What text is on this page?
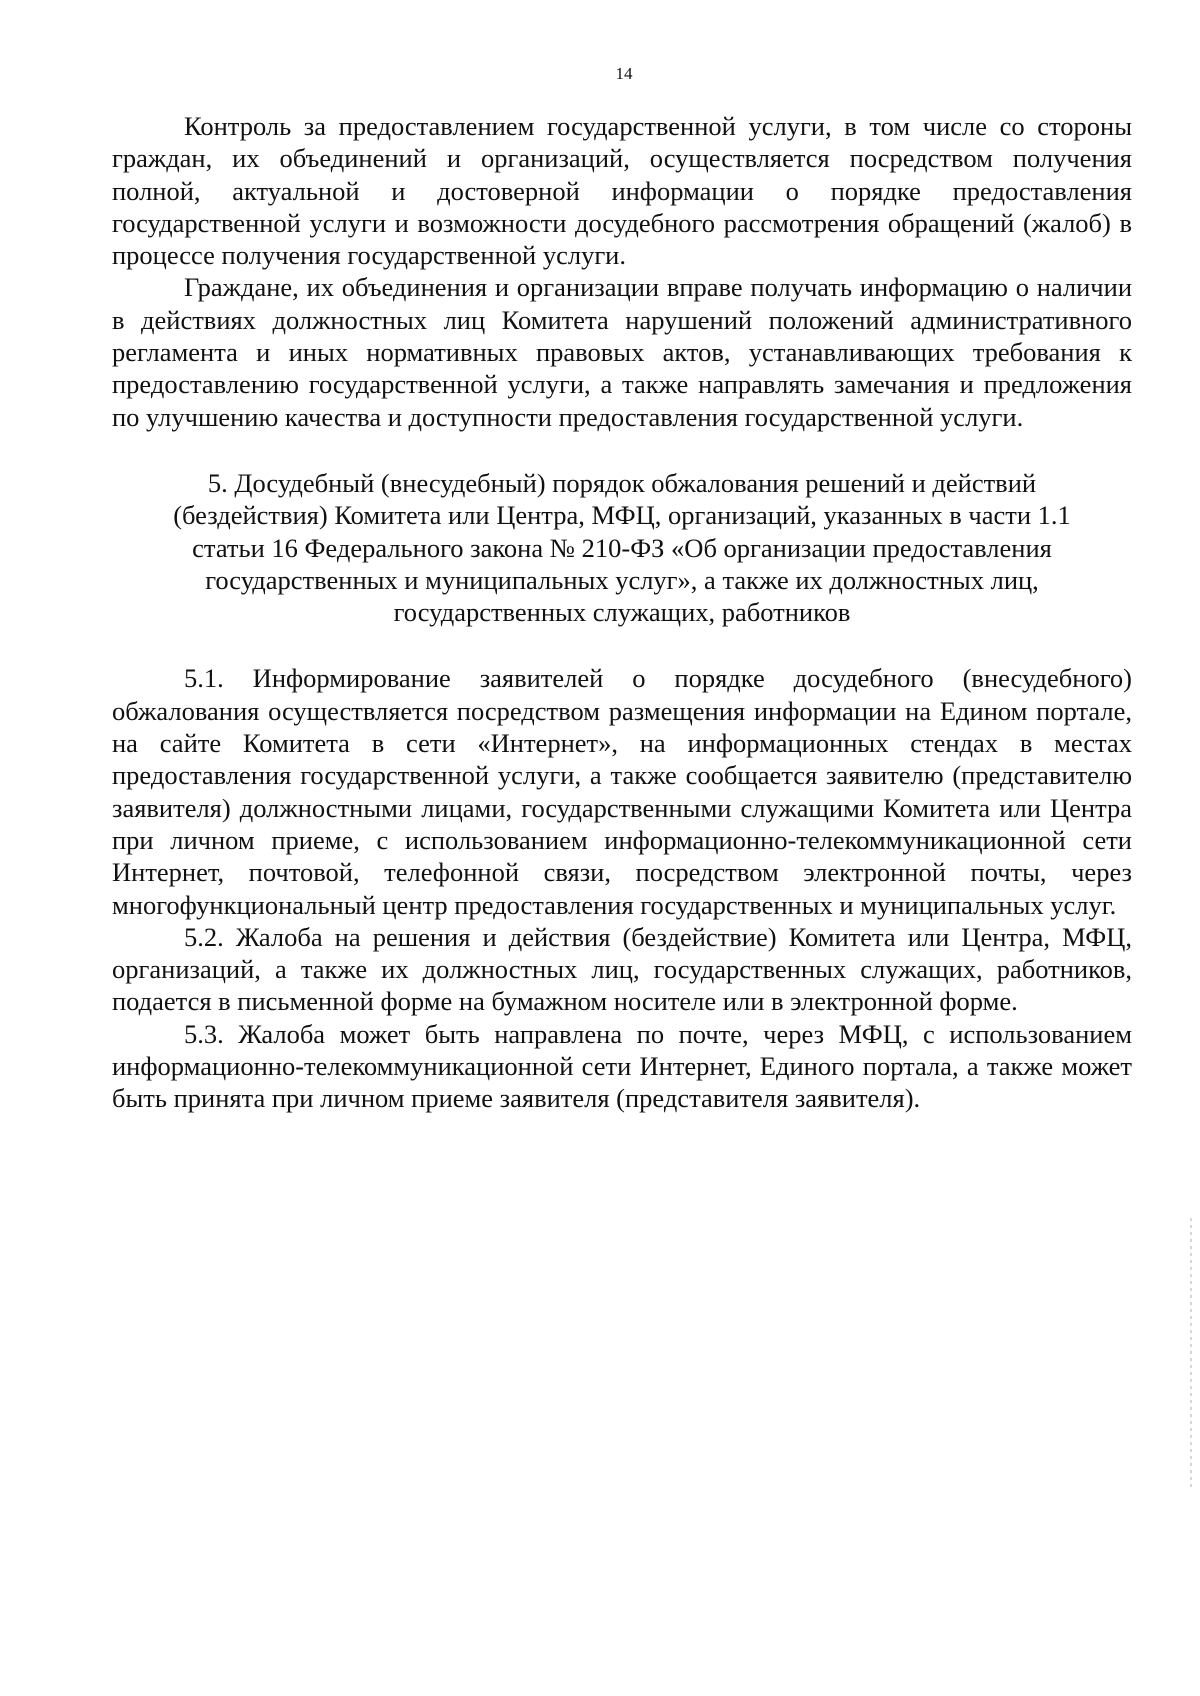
14

Контроль за предоставлением государственной услуги, в том числе со стороны граждан, их объединений и организаций, осуществляется посредством получения полной, актуальной и достоверной информации о порядке предоставления государственной услуги и возможности досудебного рассмотрения обращений (жалоб) в процессе получения государственной услуги.

Граждане, их объединения и организации вправе получать информацию о наличии в действиях должностных лиц Комитета нарушений положений административного регламента и иных нормативных правовых актов, устанавливающих требования к предоставлению государственной услуги, а также направлять замечания и предложения по улучшению качества и доступности предоставления государственной услуги.

5. Досудебный (внесудебный) порядок обжалования решений и действий (бездействия) Комитета или Центра, МФЦ, организаций, указанных в части 1.1 статьи 16 Федерального закона № 210-ФЗ «Об организации предоставления государственных и муниципальных услуг», а также их должностных лиц, государственных служащих, работников

5.1. Информирование заявителей о порядке досудебного (внесудебного) обжалования осуществляется посредством размещения информации на Едином портале, на сайте Комитета в сети «Интернет», на информационных стендах в местах предоставления государственной услуги, а также сообщается заявителю (представителю заявителя) должностными лицами, государственными служащими Комитета или Центра при личном приеме, с использованием информационно-телекоммуникационной сети Интернет, почтовой, телефонной связи, посредством электронной почты, через многофункциональный центр предоставления государственных и муниципальных услуг.

5.2. Жалоба на решения и действия (бездействие) Комитета или Центра, МФЦ, организаций, а также их должностных лиц, государственных служащих, работников, подается в письменной форме на бумажном носителе или в электронной форме.

5.3. Жалоба может быть направлена по почте, через МФЦ, с использованием информационно-телекоммуникационной сети Интернет, Единого портала, а также может быть принята при личном приеме заявителя (представителя заявителя).
